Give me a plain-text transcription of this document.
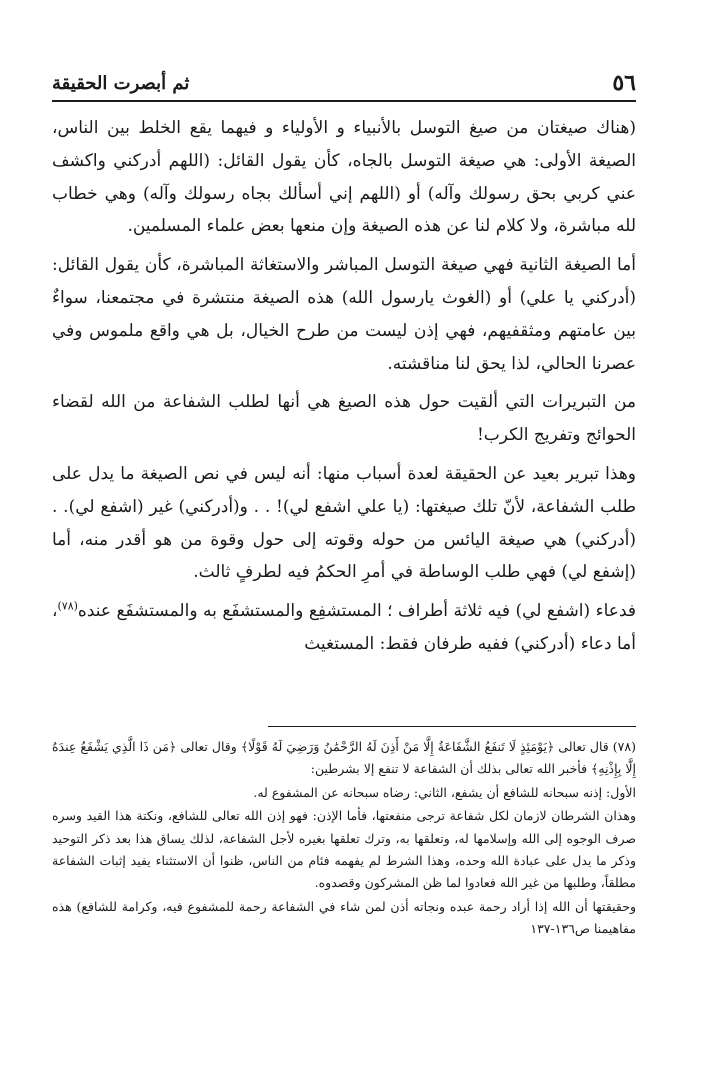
٥٦
ثم أبصرت الحقيقة

(هناك صيغتان من صيغ التوسل بالأنبياء و الأولياء و فيهما يقع الخلط بين الناس، الصيغة الأولى: هي صيغة التوسل بالجاه، كأن يقول القائل: (اللهم أدركني واكشف عني كربي بحق رسولك وآله) أو (اللهم إني أسألك بجاه رسولك وآله) وهي خطاب لله مباشرة، ولا كلام لنا عن هذه الصيغة وإن منعها بعض علماء المسلمين.

أما الصيغة الثانية فهي صيغة التوسل المباشر والاستغاثة المباشرة، كأن يقول القائل: (أدركني يا علي) أو (الغوث يارسول الله) هذه الصيغة منتشرة في مجتمعنا، سواءٌ بين عامتهم ومثقفيهم، فهي إذن ليست من طرح الخيال، بل هي واقع ملموس وفي عصرنا الحالي، لذا يحق لنا مناقشته.

من التبريرات التي ألقيت حول هذه الصيغ هي أنها لطلب الشفاعة من الله لقضاء الحوائج وتفريج الكرب!

وهذا تبرير بعيد عن الحقيقة لعدة أسباب منها: أنه ليس في نص الصيغة ما يدل على طلب الشفاعة، لأنّ تلك صيغتها: (يا علي اشفع لي)! . . و(أدركني) غير (اشفع لي). . (أدركني) هي صيغة اليائس من حوله وقوته إلى حول وقوة من هو أقدر منه، أما (إشفع لي) فهي طلب الوساطة في أمرِ الحكمُ فيه لطرفٍ ثالث.

فدعاء (اشفع لي) فيه ثلاثة أطراف ؛ المستشفِع والمستشفَع به والمستشفَع عنده$^{(٧٨)}$، أما دعاء (أدركني) ففيه طرفان فقط: المستغيث

(٧٨) قال تعالى ﴿يَوْمَئِذٍ لَا تَنفَعُ الشَّفَاعَةُ إِلَّا مَنْ أَذِنَ لَهُ الرَّحْمَٰنُ وَرَضِيَ لَهُ قَوْلًا﴾ وقال تعالى ﴿مَن ذَا الَّذِي يَشْفَعُ عِندَهُ إِلَّا بِإِذْنِهِ﴾ فأخبر الله تعالى بذلك أن الشفاعة لا تنفع إلا بشرطين:

الأول: إذنه سبحانه للشافع أن يشفع، الثاني: رضاه سبحانه عن المشفوع له.

وهذان الشرطان لازمان لكل شفاعة ترجى منفعتها، فأما الإذن: فهو إذن الله تعالى للشافع، ونكتة هذا القيد وسره صرف الوجوه إلى الله وإسلامها له، وتعلقها به، وترك تعلقها بغيره لأجل الشفاعة، لذلك يساق هذا بعد ذكر التوحيد وذكر ما يدل على عبادة الله وحده، وهذا الشرط لم يفهمه فئام من الناس، ظنوا أن الاستثناء يفيد إثبات الشفاعة مطلقاً، وطلبها من غير الله فعادوا لما ظن المشركون وقصدوه.

وحقيقتها أن الله إذا أراد رحمة عبده ونجاته أذن لمن شاء في الشفاعة رحمة للمشفوع فيه، وكرامة للشافع) هذه مفاهيمنا ص١٣٦-١٣٧
